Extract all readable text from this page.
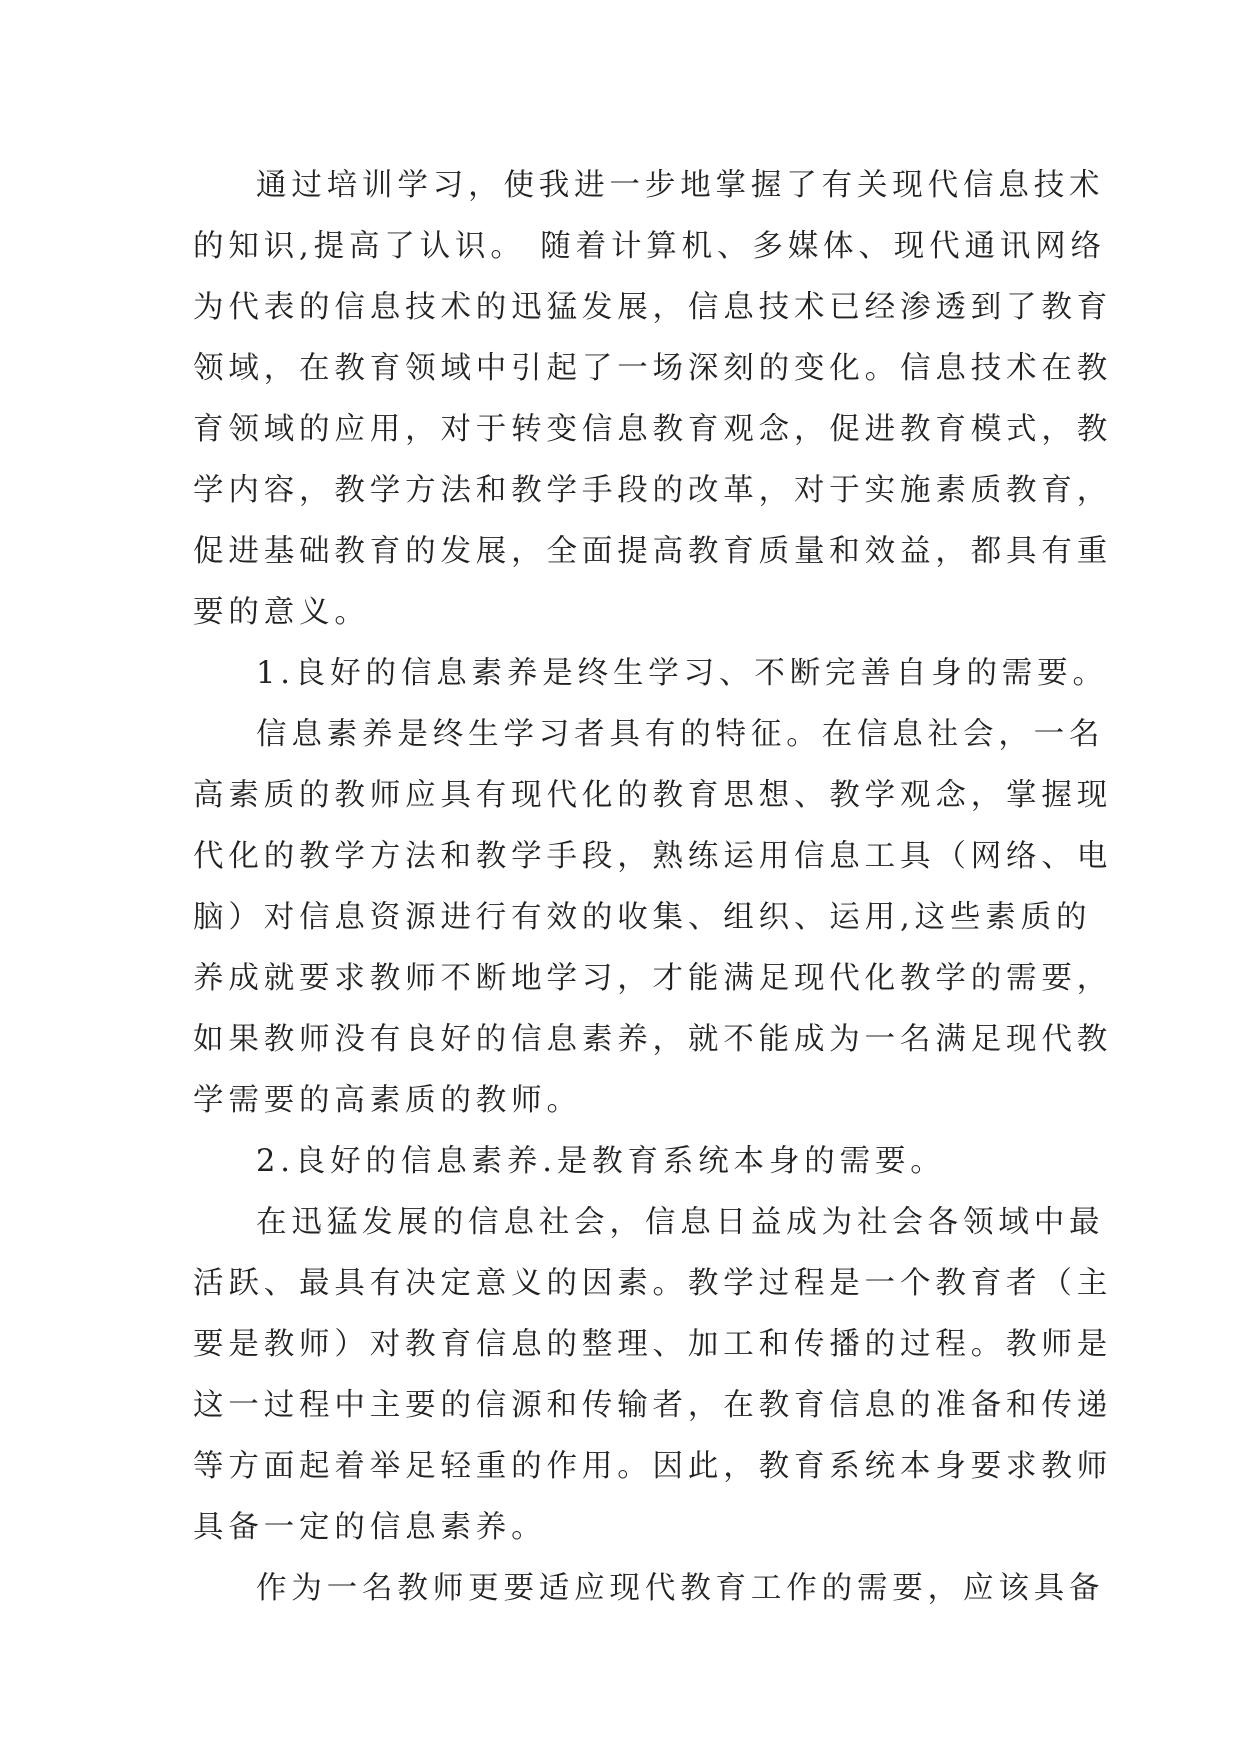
通过培训学习，使我进一步地掌握了有关现代信息技术
的知识,提高了认识。 随着计算机、多媒体、现代通讯网络
为代表的信息技术的迅猛发展，信息技术已经渗透到了教育
领域，在教育领域中引起了一场深刻的变化。信息技术在教
育领域的应用，对于转变信息教育观念，促进教育模式，教
学内容，教学方法和教学手段的改革，对于实施素质教育，
促进基础教育的发展，全面提高教育质量和效益，都具有重
要的意义。
1.良好的信息素养是终生学习、不断完善自身的需要。
信息素养是终生学习者具有的特征。在信息社会，一名
高素质的教师应具有现代化的教育思想、教学观念，掌握现
代化的教学方法和教学手段，熟练运用信息工具（网络、电
脑）对信息资源进行有效的收集、组织、运用,这些素质的
养成就要求教师不断地学习，才能满足现代化教学的需要，
如果教师没有良好的信息素养，就不能成为一名满足现代教
学需要的高素质的教师。
2.良好的信息素养.是教育系统本身的需要。
在迅猛发展的信息社会，信息日益成为社会各领域中最
活跃、最具有决定意义的因素。教学过程是一个教育者（主
要是教师）对教育信息的整理、加工和传播的过程。教师是
这一过程中主要的信源和传输者，在教育信息的准备和传递
等方面起着举足轻重的作用。因此，教育系统本身要求教师
具备一定的信息素养。
作为一名教师更要适应现代教育工作的需要，应该具备
